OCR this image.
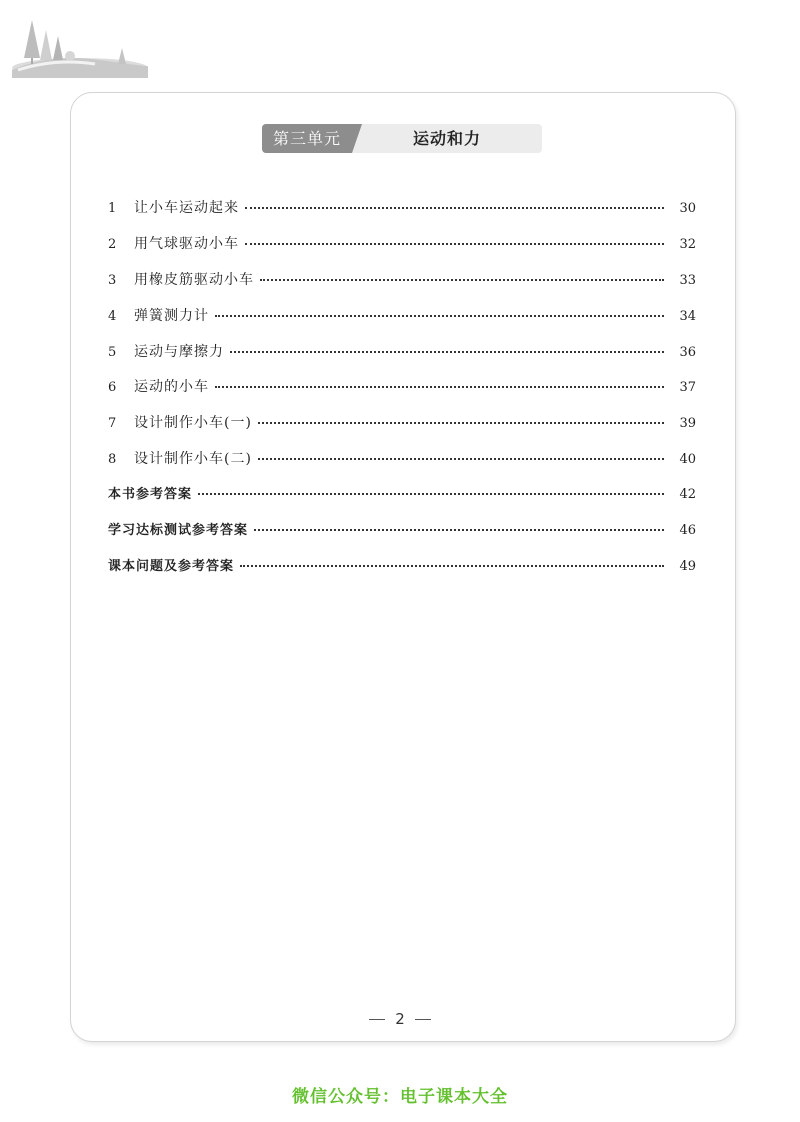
第三单元	运动和力
1	让小车运动起来	30
2	用气球驱动小车	32
3	用橡皮筋驱动小车	33
4	弹簧测力计	34
5	运动与摩擦力	36
6	运动的小车	37
7	设计制作小车(一)	39
8	设计制作小车(二)	40
本书参考答案	42
学习达标测试参考答案	46
课本问题及参考答案	49
2
微信公众号：电子课本大全
